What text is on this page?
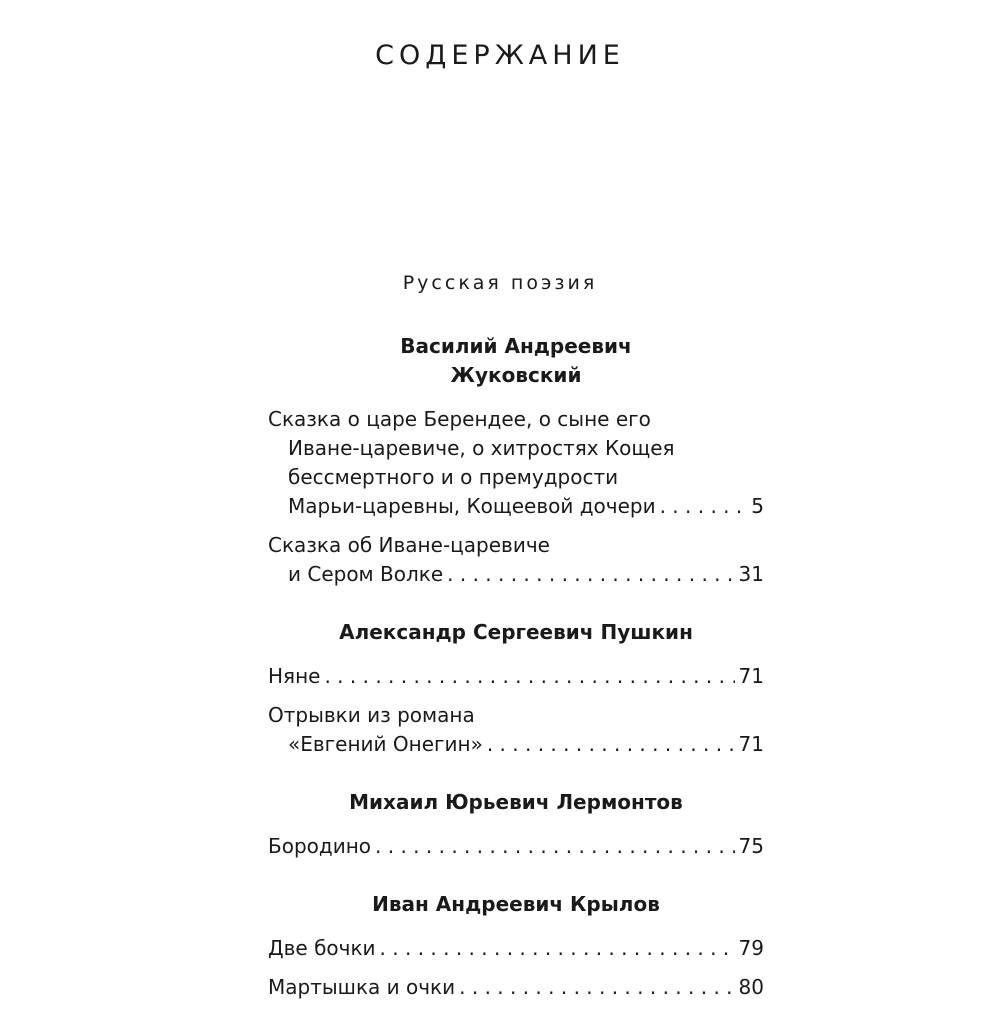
СОДЕРЖАНИЕ
Русская поэзия

Василий Андреевич
Жуковский

Сказка о царе Берендее, о сыне его
Иване-царевиче, о хитростях Кощея
бессмертного и о премудрости
Марьи-царевны, Кощеевой дочери . . .	5
Сказка об Иване-царевиче
и Сером Волке . . .	31

Александр Сергеевич Пушкин

Няне . . .	71
Отрывки из романа
«Евгений Онегин» . . .	71

Михаил Юрьевич Лермонтов

Бородино . . .	75

Иван Андреевич Крылов

Две бочки . . .	79
Мартышка и очки . . .	80
